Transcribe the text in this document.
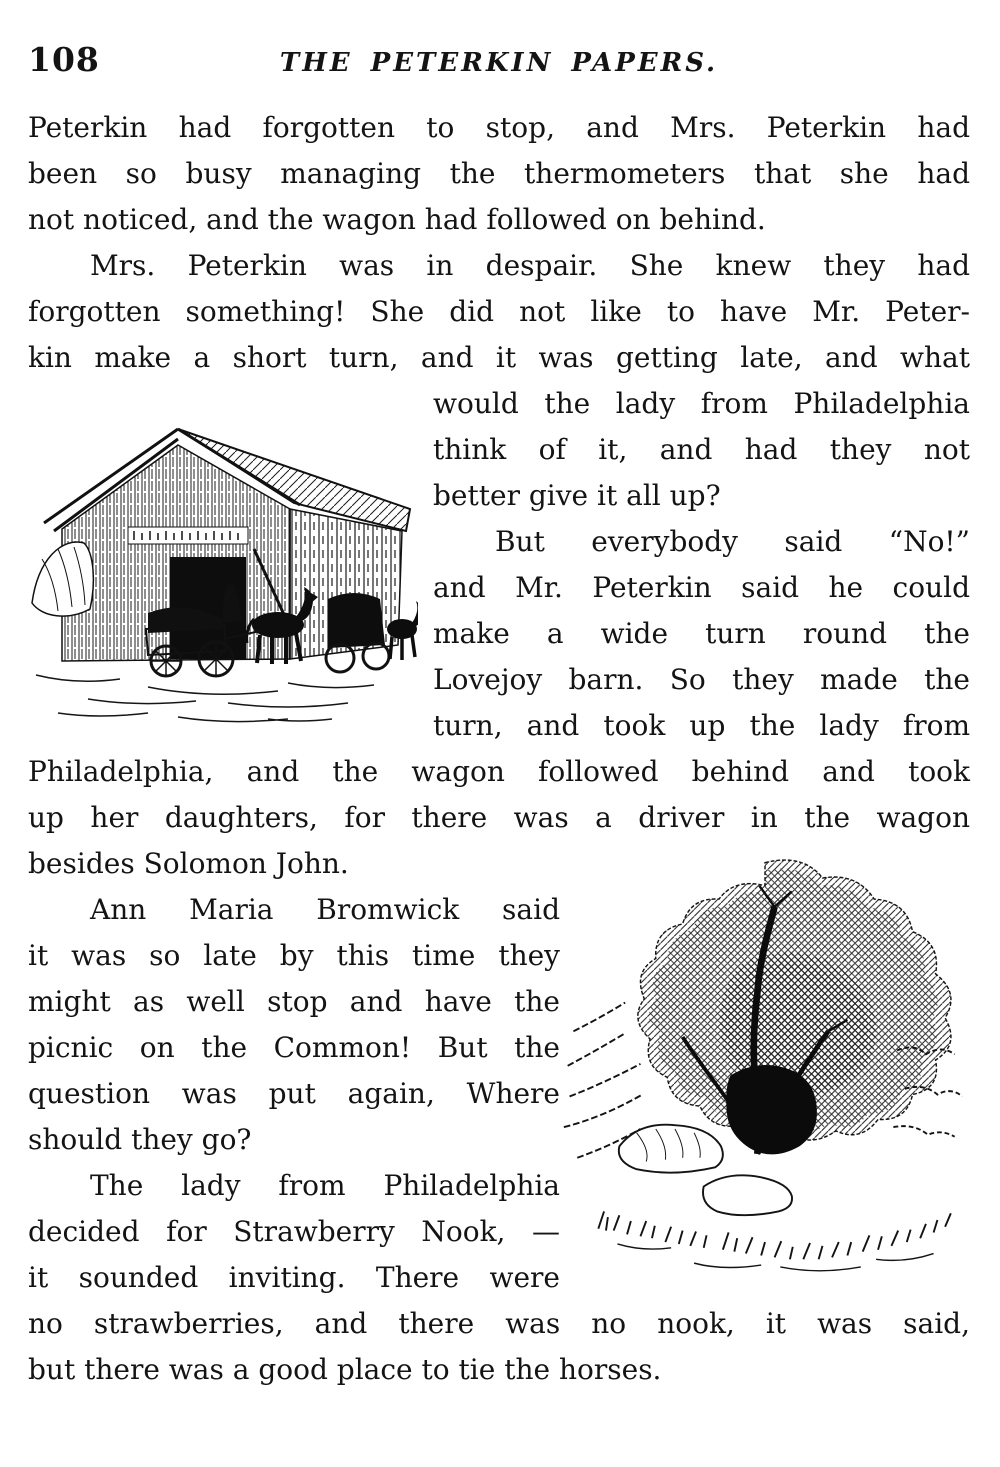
108	THE PETERKIN PAPERS.
Peterkin had forgotten to stop, and Mrs. Peterkin had
been so busy managing the thermometers that she had
not noticed, and the wagon had followed on behind.
Mrs. Peterkin was in despair. She knew they had
forgotten something! She did not like to have Mr. Peter-
kin make a short turn, and it was getting late, and what
would the lady from Philadelphia
think of it, and had they not
better give it all up?
But everybody said “No!”
and Mr. Peterkin said he could
make a wide turn round the
Lovejoy barn. So they made the
turn, and took up the lady from
Philadelphia, and the wagon followed behind and took
up her daughters, for there was a driver in the wagon
besides Solomon John.
Ann Maria Bromwick said
it was so late by this time they
might as well stop and have the
picnic on the Common! But the
question was put again, Where
should they go?
The lady from Philadelphia
decided for Strawberry Nook, —
it sounded inviting. There were
no strawberries, and there was no nook, it was said,
but there was a good place to tie the horses.
